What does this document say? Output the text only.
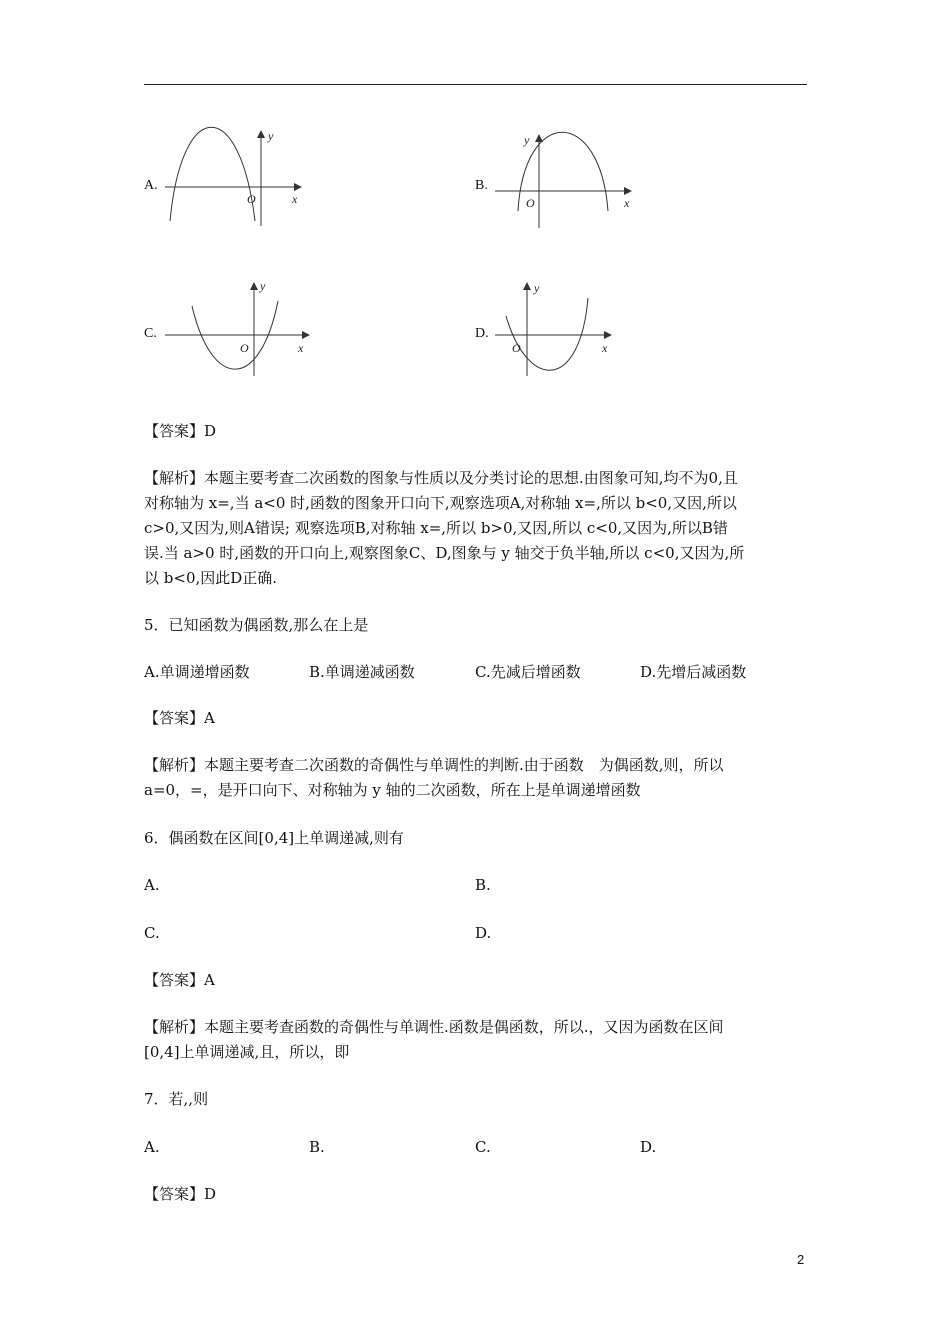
A.
y
x
O
B.
y
x
O
C.
y
x
O
D.
y
x
O
【答案】D
【解析】本题主要考查二次函数的图象与性质以及分类讨论的思想.由图象可知,均不为0,且
对称轴为 x=,当 a<0 时,函数的图象开口向下,观察选项A,对称轴 x=,所以 b<0,又因,所以
c>0,又因为,则A错误; 观察选项B,对称轴 x=,所以 b>0,又因,所以 c<0,又因为,所以B错
误.当 a>0 时,函数的开口向上,观察图象C、D,图象与 y 轴交于负半轴,所以 c<0,又因为,所
以 b<0,因此D正确.
5．已知函数为偶函数,那么在上是
A.单调递增函数	B.单调递减函数	C.先减后增函数	D.先增后减函数
【答案】A
【解析】本题主要考查二次函数的奇偶性与单调性的判断.由于函数　为偶函数,则，所以
a=0，=，是开口向下、对称轴为 y 轴的二次函数，所在上是单调递增函数
6．偶函数在区间[0,4]上单调递减,则有
A.	B.
C.	D.
【答案】A
【解析】本题主要考查函数的奇偶性与单调性.函数是偶函数，所以.，又因为函数在区间
[0,4]上单调递减,且，所以，即
7．若,,则
A.	B.	C.	D.
【答案】D
2
